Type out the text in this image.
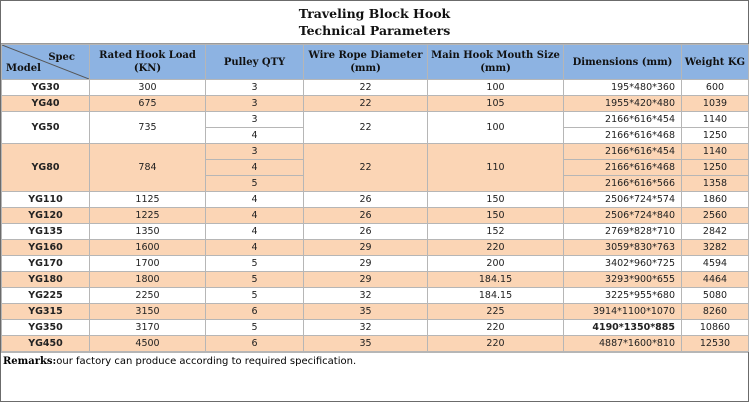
Traveling Block Hook
Technical Parameters
Spec
Model	Rated Hook Load (KN)	Pulley QTY	Wire Rope Diameter (mm)	Main Hook Mouth Size (mm)	Dimensions (mm)	Weight KG
YG30	300	3	22	100	195*480*360	600
YG40	675	3	22	105	1955*420*480	1039
YG50	735	3	22	100	2166*616*454	1140
		4			2166*616*468	1250
YG80	784	3	22	110	2166*616*454	1140
		4			2166*616*468	1250
		5			2166*616*566	1358
YG110	1125	4	26	150	2506*724*574	1860
YG120	1225	4	26	150	2506*724*840	2560
YG135	1350	4	26	152	2769*828*710	2842
YG160	1600	4	29	220	3059*830*763	3282
YG170	1700	5	29	200	3402*960*725	4594
YG180	1800	5	29	184.15	3293*900*655	4464
YG225	2250	5	32	184.15	3225*955*680	5080
YG315	3150	6	35	225	3914*1100*1070	8260
YG350	3170	5	32	220	4190*1350*885	10860
YG450	4500	6	35	220	4887*1600*810	12530
Remarks:our factory can produce according to required specification.
